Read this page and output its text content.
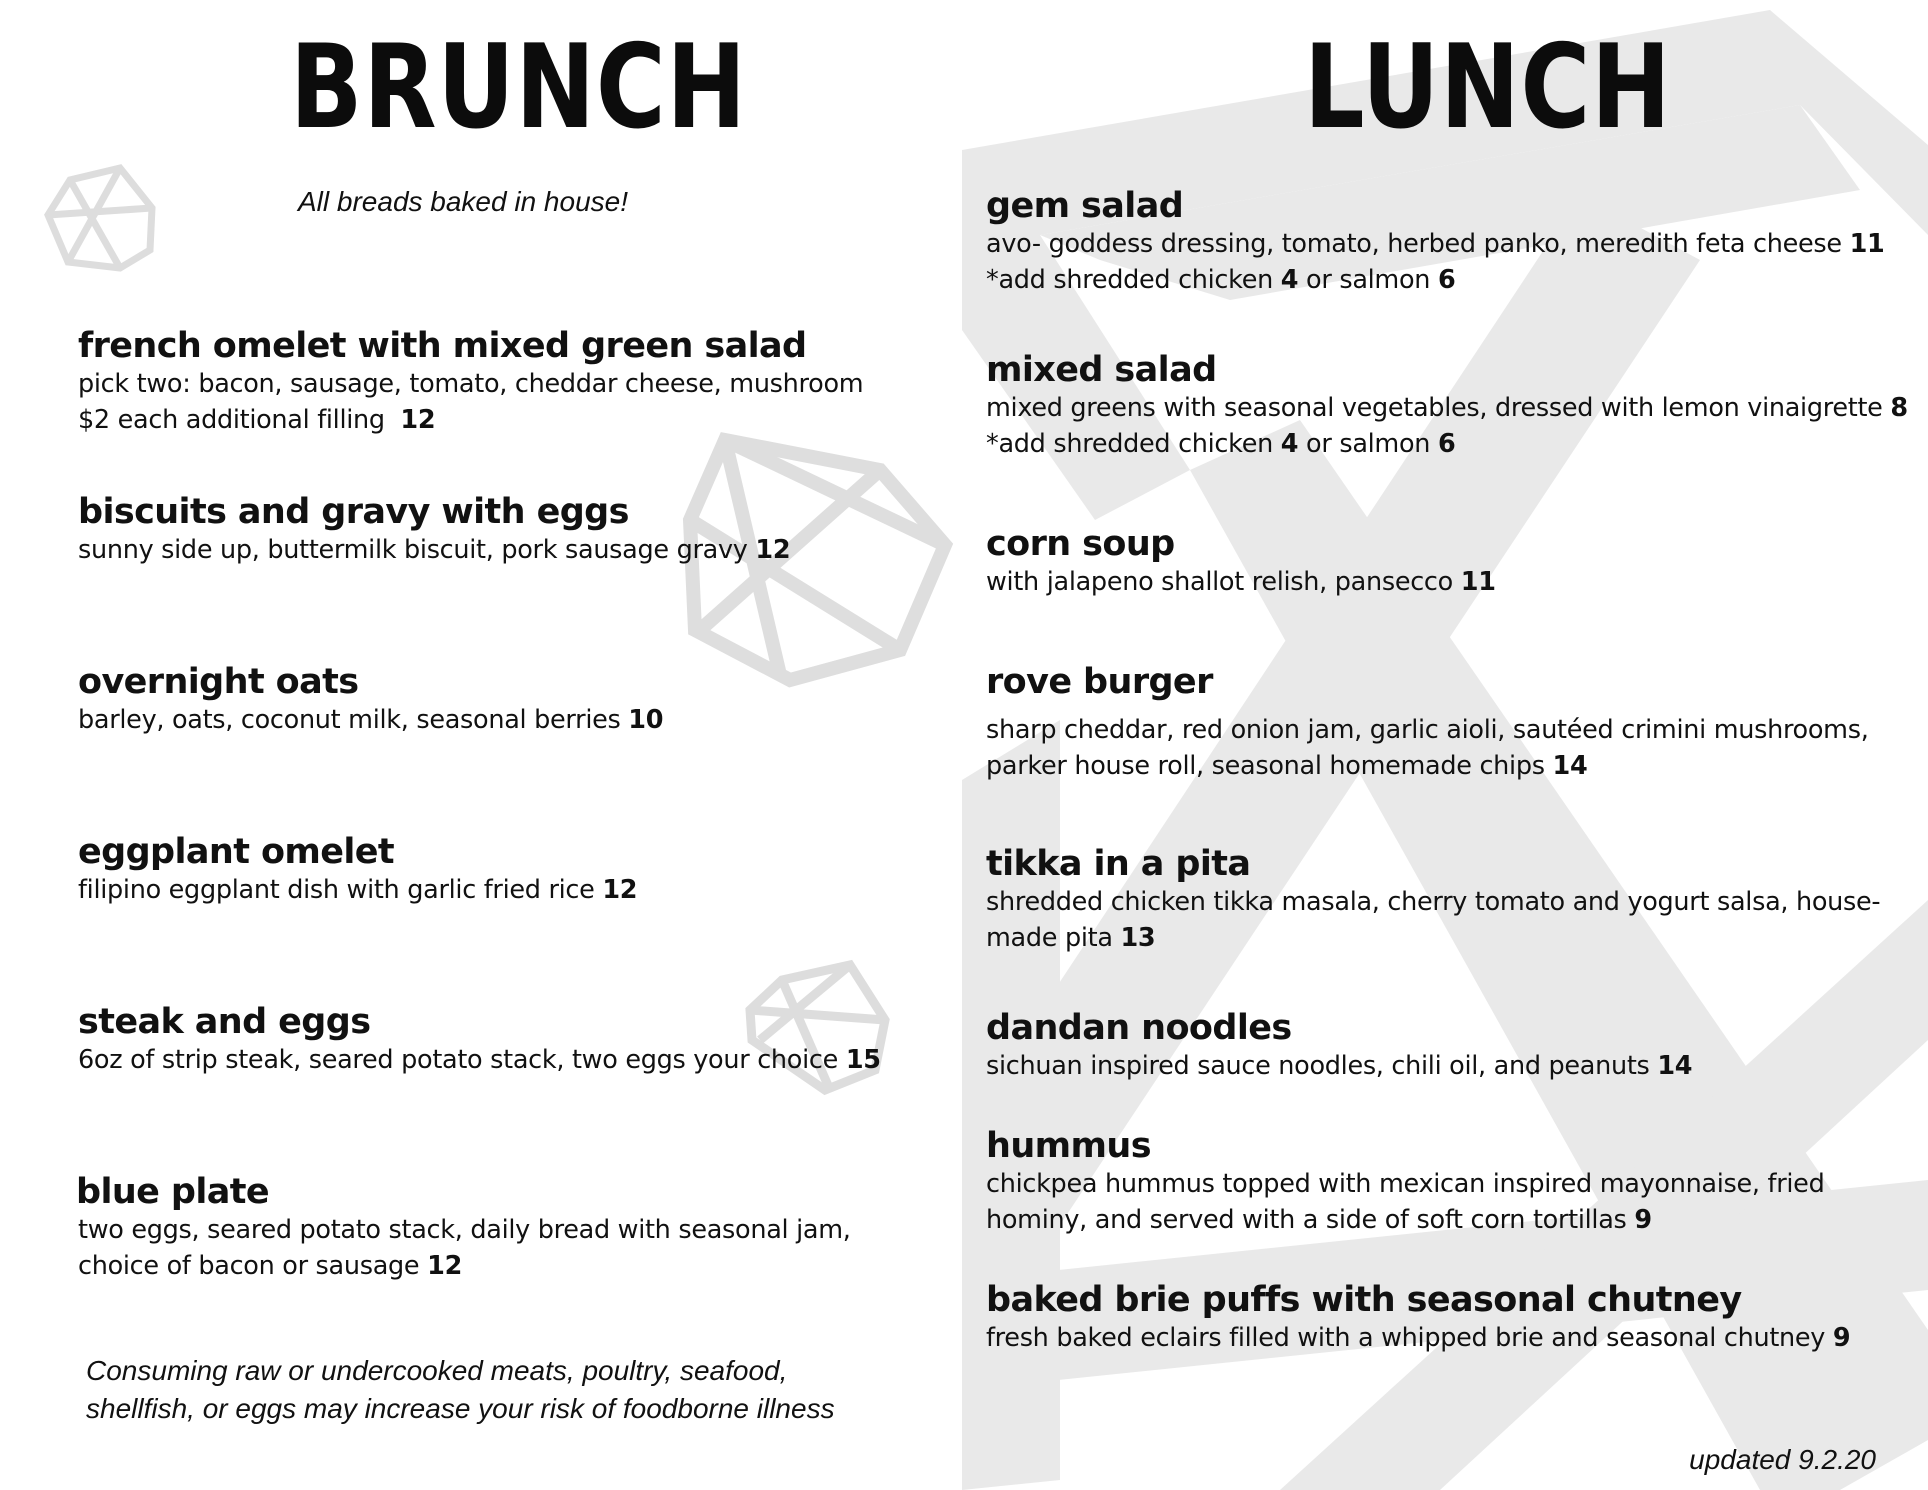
BRUNCH
All breads baked in house!

french omelet with mixed green salad

pick two: bacon, sausage, tomato, cheddar cheese, mushroom

$2 each additional filling 12

biscuits and gravy with eggs

sunny side up, buttermilk biscuit, pork sausage gravy 12

overnight oats

barley, oats, coconut milk, seasonal berries 10

eggplant omelet

filipino eggplant dish with garlic fried rice 12

steak and eggs

6oz of strip steak, seared potato stack, two eggs your choice 15

blue plate

two eggs, seared potato stack, daily bread with seasonal jam,

choice of bacon or sausage 12

Consuming raw or undercooked meats, poultry, seafood,
shellfish, or eggs may increase your risk of foodborne illness
LUNCH

gem salad

avo- goddess dressing, tomato, herbed panko, meredith feta cheese 11

*add shredded chicken 4 or salmon 6

mixed salad

mixed greens with seasonal vegetables, dressed with lemon vinaigrette 8

*add shredded chicken 4 or salmon 6

corn soup

with jalapeno shallot relish, pansecco 11

rove burger

sharp cheddar, red onion jam, garlic aioli, sautéed crimini mushrooms,

parker house roll, seasonal homemade chips 14

tikka in a pita

shredded chicken tikka masala, cherry tomato and yogurt salsa, house-

made pita 13

dandan noodles

sichuan inspired sauce noodles, chili oil, and peanuts 14

hummus

chickpea hummus topped with mexican inspired mayonnaise, fried

hominy, and served with a side of soft corn tortillas 9

baked brie puffs with seasonal chutney

fresh baked eclairs filled with a whipped brie and seasonal chutney 9

updated 9.2.20
